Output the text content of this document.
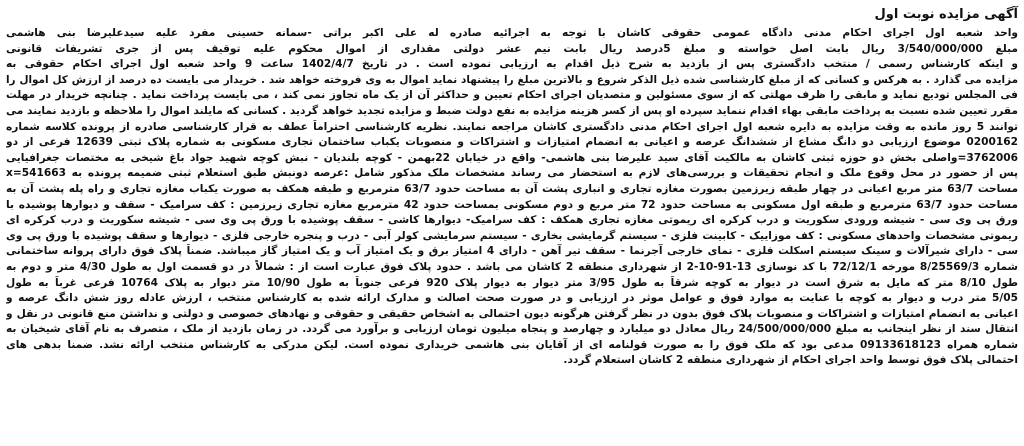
آگهی مزایده نوبت اول
واحد شعبه اول اجرای احکام مدنی دادگاه عمومی حقوقی کاشان با توجه به اجرائیه صادره له علی اکبر براتی -سمانه حسینی مفرد علیه سیدعلیرضا بنی هاشمی
مبلغ 3/540/000/000 ریال بابت اصل خواسته و مبلغ 5درصد ریال بابت نیم عشر دولتی مقداری از اموال محکوم علیه توقیف پس از جری تشریفات قانونی
و اینکه کارشناس رسمی / منتخب دادگستری پس از بازدید به شرح ذیل اقدام به ارزیابی نموده است . در تاریخ 1402/4/7 ساعت 9 واحد شعبه اول اجرای احکام حقوقی به
مزایده می گذارد . به هرکس و کسانی که از مبلغ کارشناسی شده ذیل الذکر شروع و بالاترین مبلغ را پیشنهاد نماید اموال به وی فروخته خواهد شد . خریدار می بایست ده درصد از ارزش کل اموال را
فی المجلس تودیع نماید و مابقی را ظرف مهلتی که از سوی مسئولین و متصدیان اجرای احکام تعیین و حداکثر آن از یک ماه تجاوز نمی کند ، می بایست پرداخت نماید . چنانچه خریدار در مهلت
مقرر تعیین شده نسبت به پرداخت مابقی بهاء اقدام ننماید سپرده او پس از کسر هزینه مزایده به نفع دولت ضبط و مزایده تجدید خواهد گردید . کسانی که مایلند اموال را ملاحظه و بازدید نمایند می
توانند 5 روز مانده به وقت مزایده به دایره شعبه اول اجرای احکام مدنی دادگستری کاشان مراجعه نمایند. نظریه کارشناسی احتراماً عطف به قرار کارشناسی صادره از پرونده کلاسه شماره
0200162 موضوع ارزیابی دو دانگ مشاع از ششدانگ عرصه و اعیانی به انضمام امتیازات و اشتراکات و منصوبات یکباب ساختمان تجاری مسکونی به شماره پلاک ثبتی 12639 فرعی از دو
3762006=واصلی بخش دو حوزه ثبتی کاشان به مالکیت آقای سید علیرضا بنی هاشمی- واقع در خیابان 22بهمن - کوچه بلندیان - نبش کوچه شهید جواد باغ شیخی به مختصات جغرافیایی
پس از حضور در محل وقوع ملک و انجام تحقیقات و بررسی‌های لازم به استحضار می رساند مشخصات ملک مذکور شامل :عرصه دونبش طبق استعلام ثبتی ضمیمه پرونده به x=541663
مساحت 63/7 متر مربع اعیانی در چهار طبقه زیرزمین بصورت مغازه تجاری و انباری پشت آن به مساحت حدود 63/7 مترمربع و طبقه همکف به صورت یکباب مغازه تجاری و راه پله پشت آن به
مساحت حدود 63/7 مترمربع و طبقه اول مسکونی به مساحت حدود 72 متر مربع و دوم مسکونی بمساحت حدود 42 مترمربع مغازه تجاری زیرزمین : کف سرامیک - سقف و دیوارها پوشیده با
ورق پی وی سی - شیشه ورودی سکوریت و درب کرکره ای ریموتی مغازه تجاری همکف : کف سرامیک- دیوارها کاشی - سقف پوشیده با ورق پی وی سی - شیشه سکوریت و درب کرکره ای
ریموتی مشخصات واحدهای مسکونی : کف موزاییک - کابینت فلزی - سیستم گرمایشی بخاری - سیستم سرمایشی کولر آبی - درب و پنجره خارجی فلزی - دیوارها و سقف پوشیده با ورق پی وی
سی - دارای شیرآلات و سینک سیستم اسکلت فلزی - نمای خارجی آجرنما - سقف تیر آهن - دارای 4 امتیاز برق و یک امتیاز آب و یک امتیاز گاز میباشد. ضمناً پلاک فوق دارای پروانه ساختمانی
شماره 8/25569/3 مورخه 72/12/1 با کد نوسازی 13-91-10-2 از شهرداری منطقه 2 کاشان می باشد . حدود پلاک فوق عبارت است از : شمالاً در دو قسمت اول به طول 4/30 متر و دوم به
طول 8/10 متر که مایل به شرق است در دیوار به کوچه شرقاً به طول 3/95 متر دیوار به دیوار پلاک 920 فرعی جنوباً به طول 10/90 متر دیوار به پلاک 10764 فرعی غرباً به طول
5/05 متر درب و دیوار به کوچه با عنایت به موارد فوق و عوامل موثر در ارزیابی و در صورت صحت اصالت و مدارک ارائه شده به کارشناس منتخب ، ارزش عادله روز شش دانگ عرصه و
اعیانی به انضمام امتیازات و اشتراکات و منصوبات پلاک فوق بدون در نظر گرفتن هرگونه دیون احتمالی به اشخاص حقیقی و حقوقی و نهادهای خصوصی و دولتی و نداشتن منع قانونی در نقل و
انتقال سند از نظر اینجانب به مبلغ 24/500/000/000 ریال معادل دو میلیارد و چهارصد و پنجاه میلیون تومان ارزیابی و برآورد می گردد. در زمان بازدید از ملک ، متصرف به نام آقای شیخیان به
شماره همراه 09133618123 مدعی بود که ملک فوق را به صورت قولنامه ای از آقایان بنی هاشمی خریداری نموده است. لیکن مدرکی به کارشناس منتخب ارائه نشد. ضمنا بدهی های
احتمالی پلاک فوق توسط واحد اجرای احکام از شهرداری منطقه 2 کاشان استعلام گردد.
